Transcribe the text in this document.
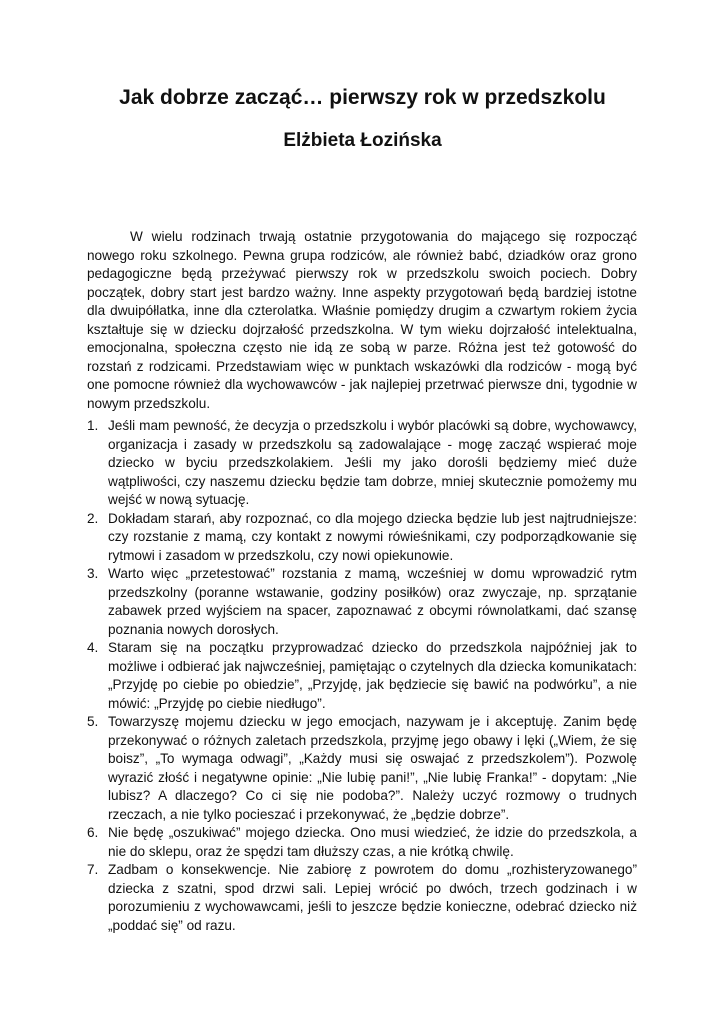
Jak dobrze zacząć… pierwszy rok w przedszkolu
Elżbieta Łozińska

W wielu rodzinach trwają ostatnie przygotowania do mającego się rozpocząć nowego roku szkolnego. Pewna grupa rodziców, ale również babć, dziadków oraz grono pedagogiczne będą przeżywać pierwszy rok w przedszkolu swoich pociech. Dobry początek, dobry start jest bardzo ważny. Inne aspekty przygotowań będą bardziej istotne dla dwuipółlatka, inne dla czterolatka. Właśnie pomiędzy drugim a czwartym rokiem życia kształtuje się w dziecku dojrzałość przedszkolna. W tym wieku dojrzałość intelektualna, emocjonalna, społeczna często nie idą ze sobą w parze. Różna jest też gotowość do rozstań z rodzicami. Przedstawiam więc w punktach wskazówki dla rodziców - mogą być one pomocne również dla wychowawców - jak najlepiej przetrwać pierwsze dni, tygodnie w nowym przedszkolu.

1. Jeśli mam pewność, że decyzja o przedszkolu i wybór placówki są dobre, wychowawcy, organizacja i zasady w przedszkolu są zadowalające - mogę zacząć wspierać moje dziecko w byciu przedszkolakiem. Jeśli my jako dorośli będziemy mieć duże wątpliwości, czy naszemu dziecku będzie tam dobrze, mniej skutecznie pomożemy mu wejść w nową sytuację.
2. Dokładam starań, aby rozpoznać, co dla mojego dziecka będzie lub jest najtrudniejsze: czy rozstanie z mamą, czy kontakt z nowymi rówieśnikami, czy podporządkowanie się rytmowi i zasadom w przedszkolu, czy nowi opiekunowie.
3. Warto więc „przetestować” rozstania z mamą, wcześniej w domu wprowadzić rytm przedszkolny (poranne wstawanie, godziny posiłków) oraz zwyczaje, np. sprzątanie zabawek przed wyjściem na spacer, zapoznawać z obcymi równolatkami, dać szansę poznania nowych dorosłych.
4. Staram się na początku przyprowadzać dziecko do przedszkola najpóźniej jak to możliwe i odbierać jak najwcześniej, pamiętając o czytelnych dla dziecka komunikatach: „Przyjdę po ciebie po obiedzie”, „Przyjdę, jak będziecie się bawić na podwórku”, a nie mówić: „Przyjdę po ciebie niedługo”.
5. Towarzyszę mojemu dziecku w jego emocjach, nazywam je i akceptuję. Zanim będę przekonywać o różnych zaletach przedszkola, przyjmę jego obawy i lęki („Wiem, że się boisz”, „To wymaga odwagi”, „Każdy musi się oswajać z przedszkolem”). Pozwolę wyrazić złość i negatywne opinie: „Nie lubię pani!”, „Nie lubię Franka!” - dopytam: „Nie lubisz? A dlaczego? Co ci się nie podoba?”. Należy uczyć rozmowy o trudnych rzeczach, a nie tylko pocieszać i przekonywać, że „będzie dobrze”.
6. Nie będę „oszukiwać” mojego dziecka. Ono musi wiedzieć, że idzie do przedszkola, a nie do sklepu, oraz że spędzi tam dłuższy czas, a nie krótką chwilę.
7. Zadbam o konsekwencje. Nie zabiorę z powrotem do domu „rozhisteryzowanego” dziecka z szatni, spod drzwi sali. Lepiej wrócić po dwóch, trzech godzinach i w porozumieniu z wychowawcami, jeśli to jeszcze będzie konieczne, odebrać dziecko niż „poddać się” od razu.
